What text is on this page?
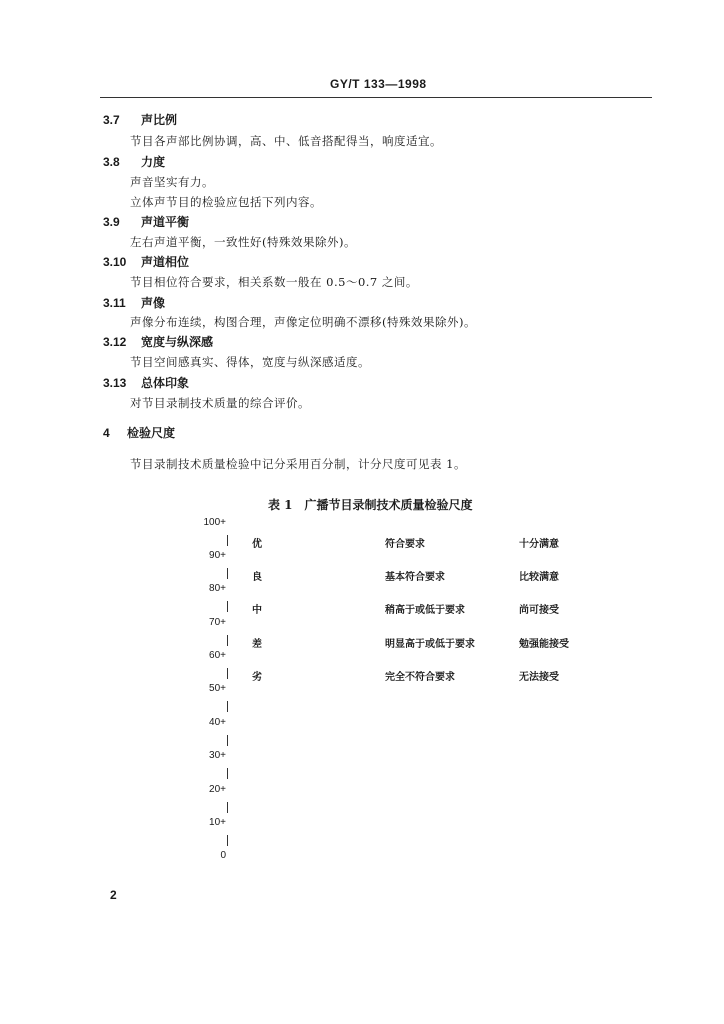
GY/T 133—1998
3.7 声比例
节目各声部比例协调，高、中、低音搭配得当，响度适宜。
3.8 力度
声音坚实有力。
立体声节目的检验应包括下列内容。
3.9 声道平衡
左右声道平衡，一致性好(特殊效果除外)。
3.10 声道相位
节目相位符合要求，相关系数一般在 0.5～0.7 之间。
3.11 声像
声像分布连续，构图合理，声像定位明确不漂移(特殊效果除外)。
3.12 宽度与纵深感
节目空间感真实、得体，宽度与纵深感适度。
3.13 总体印象
对节目录制技术质量的综合评价。
4 检验尺度
节目录制技术质量检验中记分采用百分制，计分尺度可见表 1。
表 1　广播节目录制技术质量检验尺度
100+
90+
80+
70+
60+
50+
40+
30+
20+
10+
0
优	符合要求	十分满意
良	基本符合要求	比较满意
中	稍高于或低于要求	尚可接受
差	明显高于或低于要求	勉强能接受
劣	完全不符合要求	无法接受
2
